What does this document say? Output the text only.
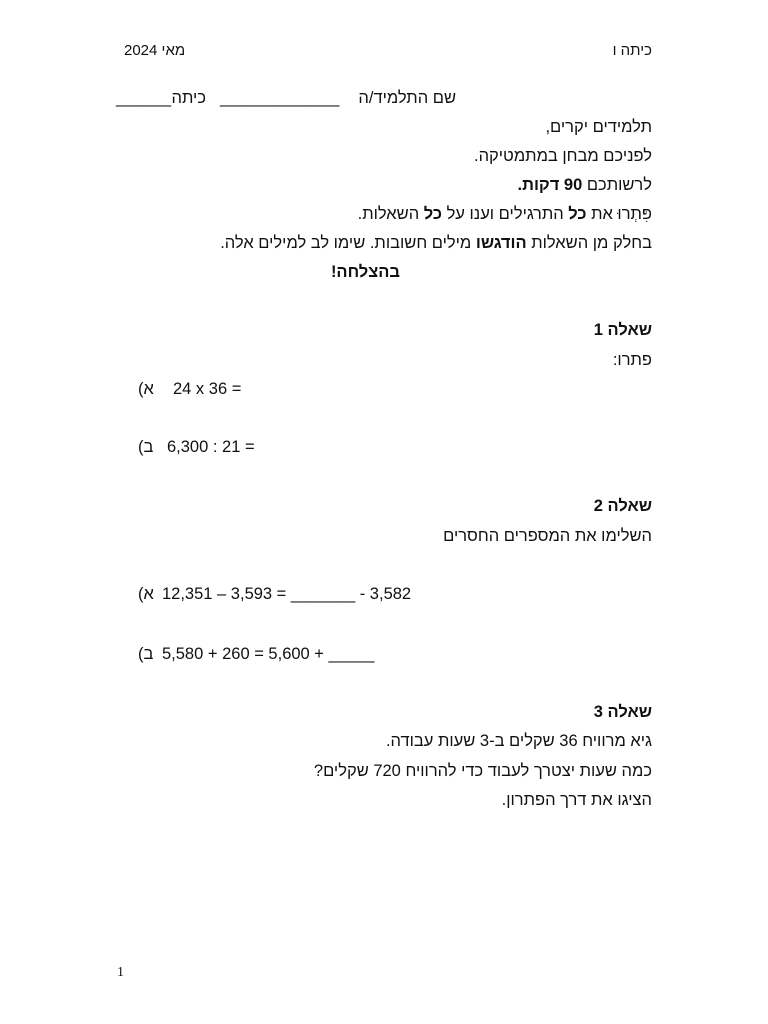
כיתה ו
מאי 2024
שם התלמיד/ה
_____________
כיתה
______
תלמידים יקרים,
לפניכם מבחן במתמטיקה.
לרשותכם 90 דקות.
פִּתְרוּ את כל התרגילים וענו על כל השאלות.
בחלק מן השאלות הודגשו מילים חשובות. שימו לב למילים אלה.
בהצלחה!
שאלה 1
פתרו:
א) 24 x 36 =
ב) 6,300 : 21 =
שאלה 2
השלימו את המספרים החסרים
א) 12,351 – 3,593 = _______ - 3,582
ב) 5,580 + 260 = 5,600 + _____
שאלה 3
גיא מרוויח 36 שקלים ב-3 שעות עבודה.
כמה שעות יצטרך לעבוד כדי להרוויח 720 שקלים?
הציגו את דרך הפתרון.
1
